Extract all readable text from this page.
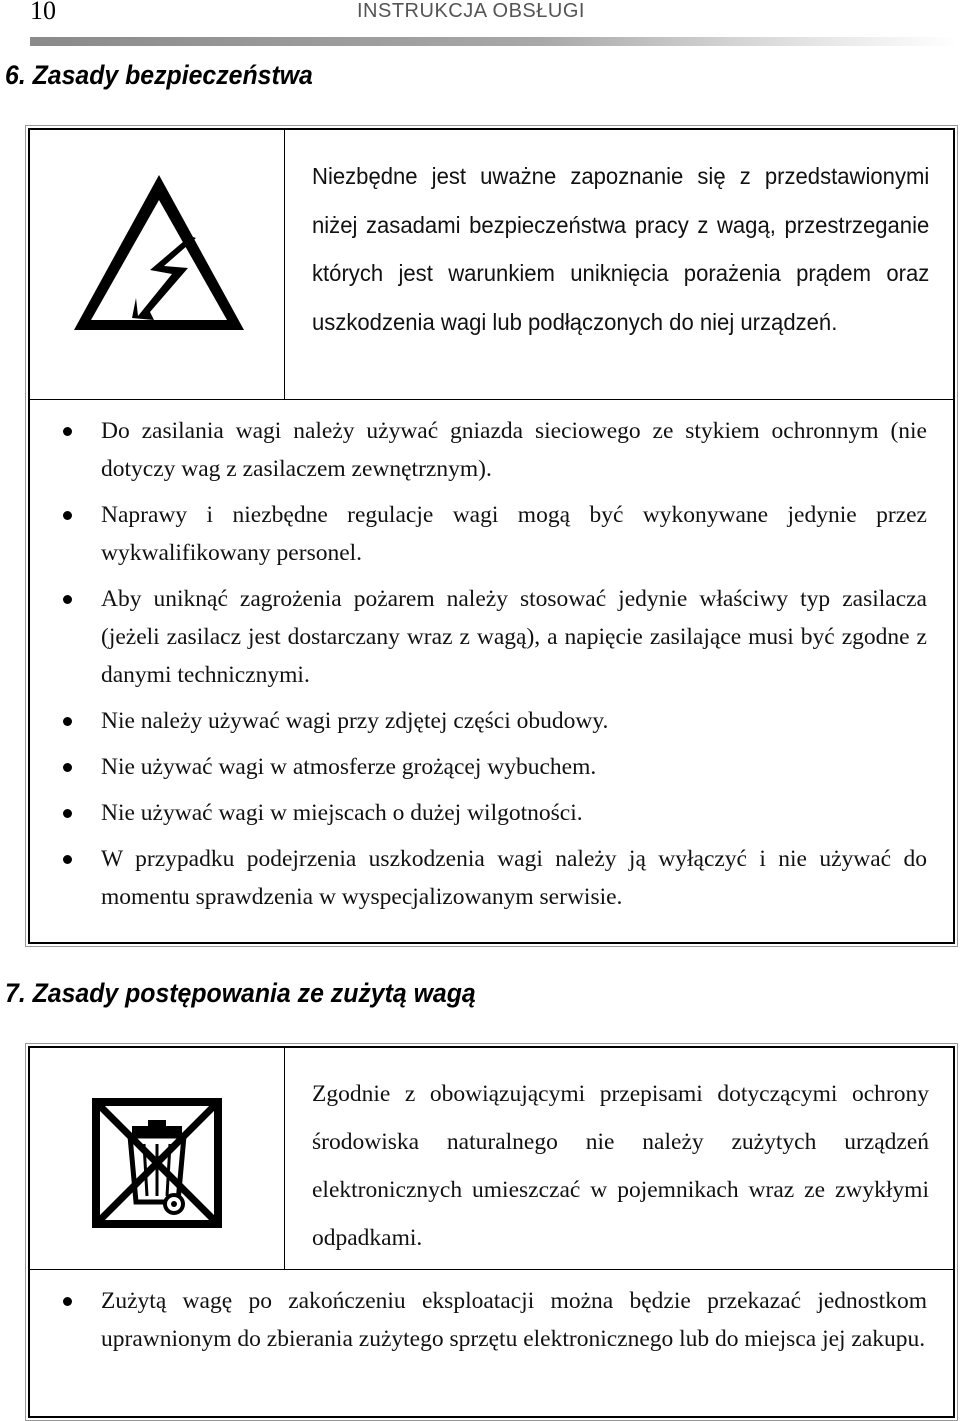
10	INSTRUKCJA OBSŁUGI
6. Zasady bezpieczeństwa
Niezbędne jest uważne zapoznanie się z przedstawionymi niżej zasadami bezpieczeństwa pracy z wagą, przestrzeganie których jest warunkiem uniknięcia porażenia prądem oraz uszkodzenia wagi lub podłączonych do niej urządzeń.
Do zasilania wagi należy używać gniazda sieciowego ze stykiem ochronnym (nie dotyczy wag z zasilaczem zewnętrznym).
Naprawy i niezbędne regulacje wagi mogą być wykonywane jedynie przez wykwalifikowany personel.
Aby uniknąć zagrożenia pożarem należy stosować jedynie właściwy typ zasilacza (jeżeli zasilacz jest dostarczany wraz z wagą), a napięcie zasilające musi być zgodne z danymi technicznymi.
Nie należy używać wagi przy zdjętej części obudowy.
Nie używać wagi w atmosferze grożącej wybuchem.
Nie używać wagi w miejscach o dużej wilgotności.
W przypadku podejrzenia uszkodzenia wagi należy ją wyłączyć i nie używać do momentu sprawdzenia w wyspecjalizowanym serwisie.
7. Zasady postępowania ze zużytą wagą
Zgodnie z obowiązującymi przepisami dotyczącymi ochrony środowiska naturalnego nie należy zużytych urządzeń elektronicznych umieszczać w pojemnikach wraz ze zwykłymi odpadkami.
Zużytą wagę po zakończeniu eksploatacji można będzie przekazać jednostkom uprawnionym do zbierania zużytego sprzętu elektronicznego lub do miejsca jej zakupu.
